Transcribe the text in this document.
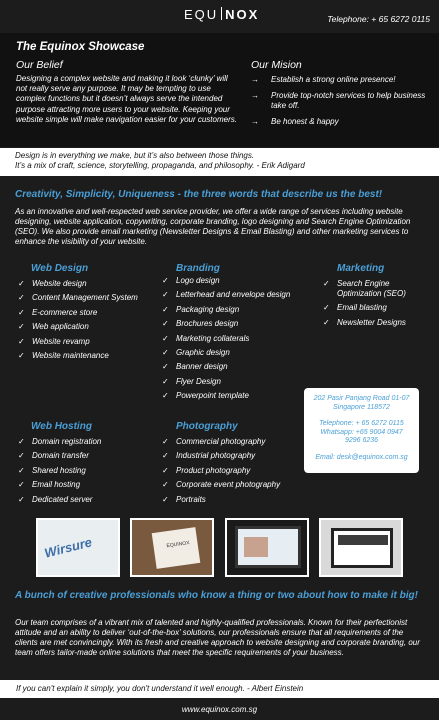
EQU NOX	Telephone: + 65 6272 0115
The Equinox Showcase
Our Belief
Designing a complex website and making it look ‘clunky’ will not really serve any purpose. It may be tempting to use complex functions but it doesn’t always serve the intended purpose attracting more users to your website. Keeping your website simple will make navigation easier for your customers.
Our Mision
→ Establish a strong online presence!
→ Provide top-notch services to help business take off.
→ Be honest & happy
Design is in everything we make, but it’s also between those things.
It’s a mix of craft, science, storytelling, propaganda, and philosophy. - Erik Adigard
Creativity, Simplicity, Uniqueness - the three words that describe us the best!
As an innovative and well-respected web service provider, we offer a wide range of services including website designing, website application, copywriting, corporate branding, logo designing and Search Engine Optimization (SEO). We also provide email marketing (Newsletter Designs & Email Blasting) and other marketing services to enhance the visibility of your website.
Web Design
✓ Website design
✓ Content Management System
✓ E-commerce store
✓ Web application
✓ Website revamp
✓ Website maintenance
Branding
✓ Logo design
✓ Letterhead and envelope design
✓ Packaging design
✓ Brochures design
✓ Marketing collaterals
✓ Graphic design
✓ Banner design
✓ Flyer Design
✓ Powerpoint template
Marketing
✓ Search Engine Optimization (SEO)
✓ Email blasting
✓ Newsletter Designs
202 Pasir Panjang Road 01-07
Singapore 118572
Telephone: + 65 6272 0115
Whatsapp: +65 9004 0947
9296 6236
Email: desk@equinox.com.sg
Web Hosting
✓ Domain registration
✓ Domain transfer
✓ Shared hosting
✓ Email hosting
✓ Dedicated server
Photography
✓ Commercial photography
✓ Industrial photography
✓ Product photography
✓ Corporate event photography
✓ Portraits
Wirsure	EQUINOX
A bunch of creative professionals who know a thing or two about how to make it big!
Our team comprises of a vibrant mix of talented and highly-qualified professionals. Known for their perfectionist attitude and an ability to deliver ‘out-of-the-box’ solutions, our professionals ensure that all requirements of the clients are met convincingly. With its fresh and creative approach to website designing and corporate branding, our team offers tailor-made online solutions that meet the specific requirements of your business.
If you can't explain it simply, you don't understand it well enough. - Albert Einstein
www.equinox.com.sg
